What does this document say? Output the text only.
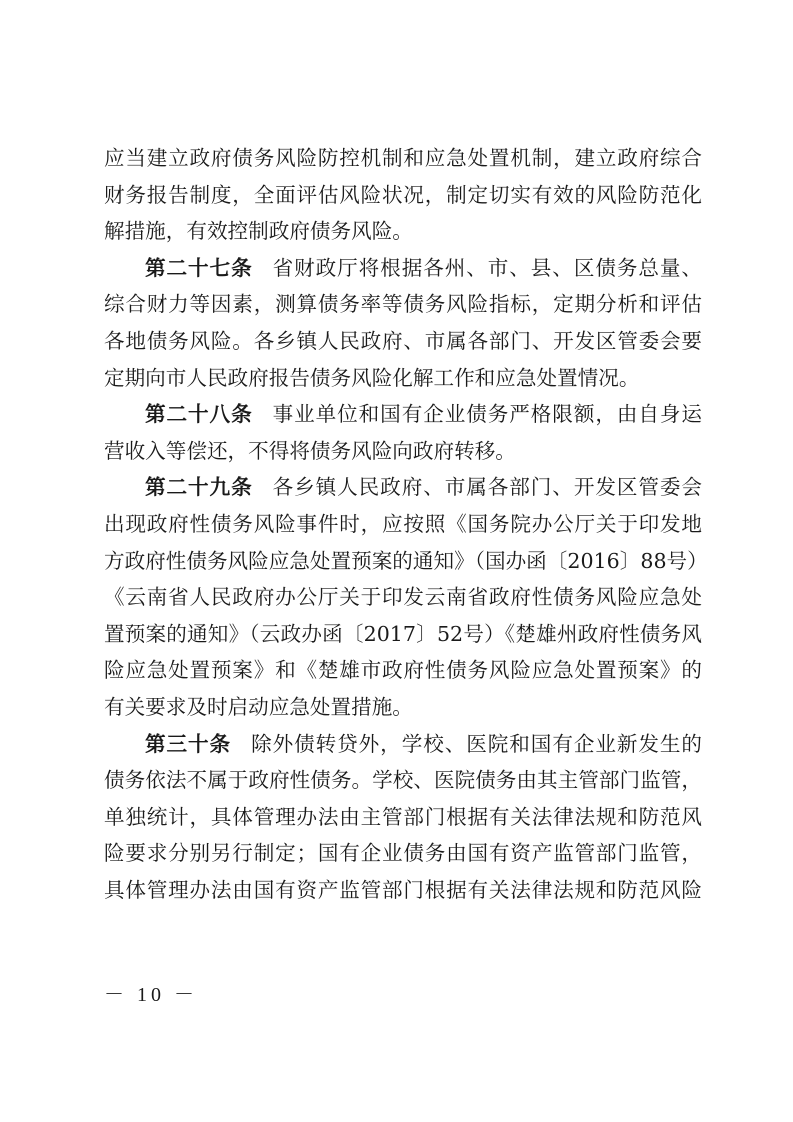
应当建立政府债务风险防控机制和应急处置机制，建立政府综合
财务报告制度，全面评估风险状况，制定切实有效的风险防范化
解措施，有效控制政府债务风险。
第二十七条 省财政厅将根据各州、市、县、区债务总量、
综合财力等因素，测算债务率等债务风险指标，定期分析和评估
各地债务风险。各乡镇人民政府、市属各部门、开发区管委会要
定期向市人民政府报告债务风险化解工作和应急处置情况。
第二十八条 事业单位和国有企业债务严格限额，由自身运
营收入等偿还，不得将债务风险向政府转移。
第二十九条 各乡镇人民政府、市属各部门、开发区管委会
出现政府性债务风险事件时，应按照《国务院办公厅关于印发地
方政府性债务风险应急处置预案的通知》（国办函〔2016〕88号）
《云南省人民政府办公厅关于印发云南省政府性债务风险应急处
置预案的通知》（云政办函〔2017〕52号）《楚雄州政府性债务风
险应急处置预案》和《楚雄市政府性债务风险应急处置预案》的
有关要求及时启动应急处置措施。
第三十条 除外债转贷外，学校、医院和国有企业新发生的
债务依法不属于政府性债务。学校、医院债务由其主管部门监管，
单独统计，具体管理办法由主管部门根据有关法律法规和防范风
险要求分别另行制定；国有企业债务由国有资产监管部门监管，
具体管理办法由国有资产监管部门根据有关法律法规和防范风险
－ 10 －
